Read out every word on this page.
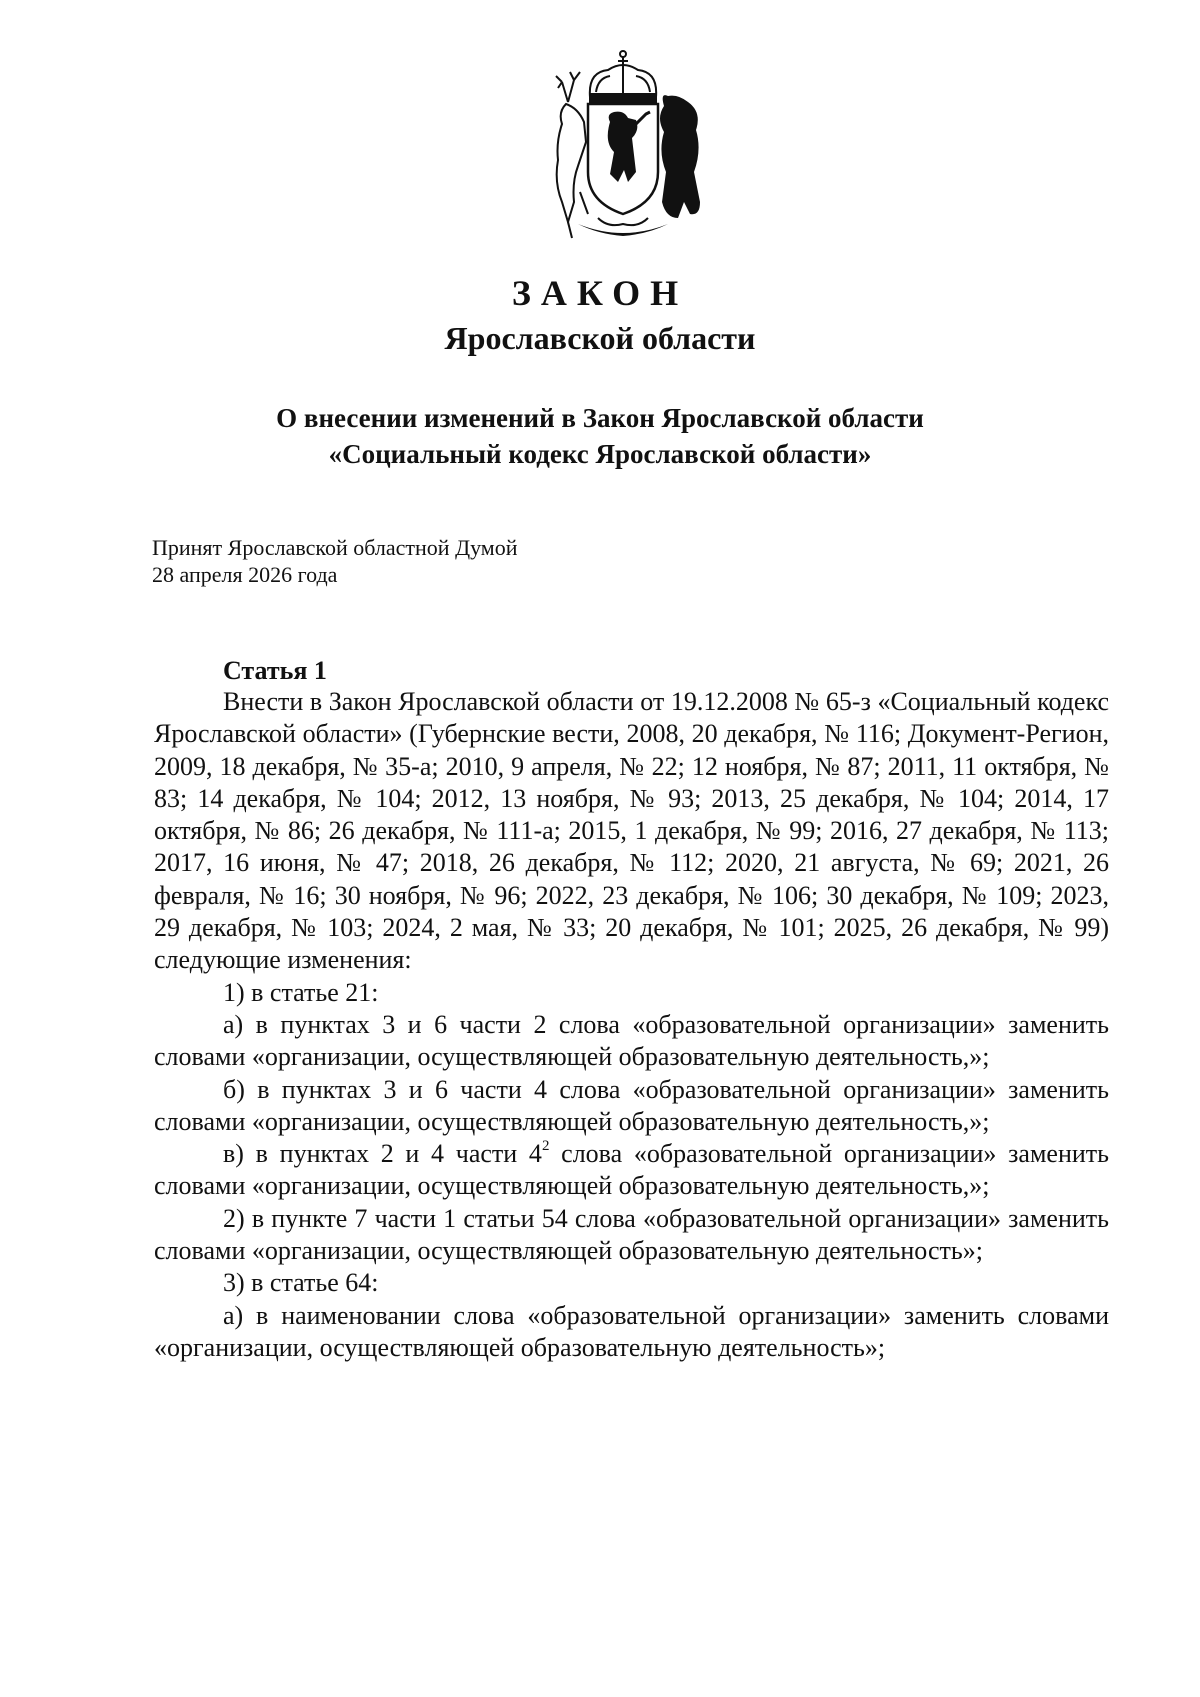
ЗАКОН
Ярославской области
О внесении изменений в Закон Ярославской области
«Социальный кодекс Ярославской области»
Принят Ярославской областной Думой
28 апреля 2026 года
Статья 1

Внести в Закон Ярославской области от 19.12.2008 № 65-з «Социальный кодекс Ярославской области» (Губернские вести, 2008, 20 декабря, № 116; Документ-Регион, 2009, 18 декабря, № 35-а; 2010, 9 апреля, № 22; 12 ноября, № 87; 2011, 11 октября, № 83; 14 декабря, № 104; 2012, 13 ноября, № 93; 2013, 25 декабря, № 104; 2014, 17 октября, № 86; 26 декабря, № 111-а; 2015, 1 декабря, № 99; 2016, 27 декабря, № 113; 2017, 16 июня, № 47; 2018, 26 декабря, № 112; 2020, 21 августа, № 69; 2021, 26 февраля, № 16; 30 ноября, № 96; 2022, 23 декабря, № 106; 30 декабря, № 109; 2023, 29 декабря, № 103; 2024, 2 мая, № 33; 20 декабря, № 101; 2025, 26 декабря, № 99) следующие изменения:

1) в статье 21:

а) в пунктах 3 и 6 части 2 слова «образовательной организации» заменить словами «организации, осуществляющей образовательную деятельность,»;

б) в пунктах 3 и 6 части 4 слова «образовательной организации» заменить словами «организации, осуществляющей образовательную деятельность,»;

в) в пунктах 2 и 4 части $4^2$ слова «образовательной организации» заменить словами «организации, осуществляющей образовательную деятельность,»;

2) в пункте 7 части 1 статьи 54 слова «образовательной организации» заменить словами «организации, осуществляющей образовательную деятельность»;

3) в статье 64:

а) в наименовании слова «образовательной организации» заменить словами «организации, осуществляющей образовательную деятельность»;
